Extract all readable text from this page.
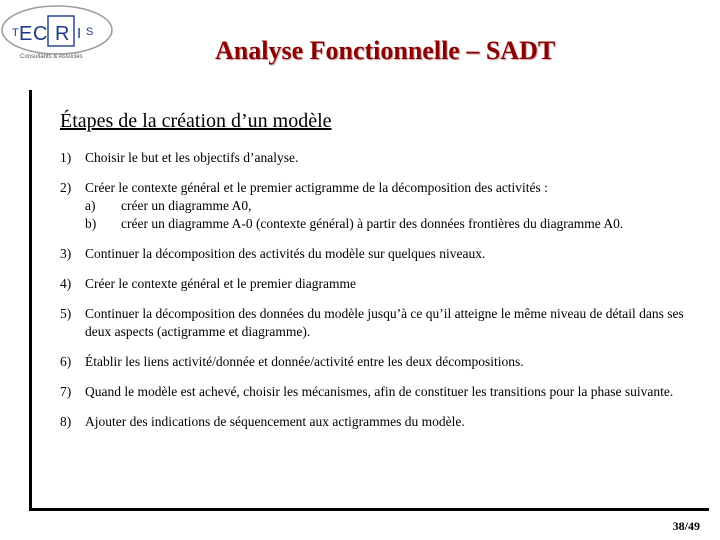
T E C R I S
Consultants & Associés	Analyse Fonctionnelle – SADT
Étapes de la création d’un modèle
1)	Choisir le but et les objectifs d’analyse.
2)	Créer le contexte général et le premier actigramme de la décomposition des activités :
a)	créer un diagramme A0,
b)	créer un diagramme A-0 (contexte général) à partir des données frontières du diagramme A0.
3)	Continuer la décomposition des activités du modèle sur quelques niveaux.
4)	Créer le contexte général et le premier diagramme
5)	Continuer la décomposition des données du modèle jusqu’à ce qu’il atteigne le même niveau de détail dans ses deux aspects (actigramme et diagramme).
6)	Établir les liens activité/donnée et donnée/activité entre les deux décompositions.
7)	Quand le modèle est achevé, choisir les mécanismes, afin de constituer les transitions pour la phase suivante.
8)	Ajouter des indications de séquencement aux actigrammes du modèle.
38/49
